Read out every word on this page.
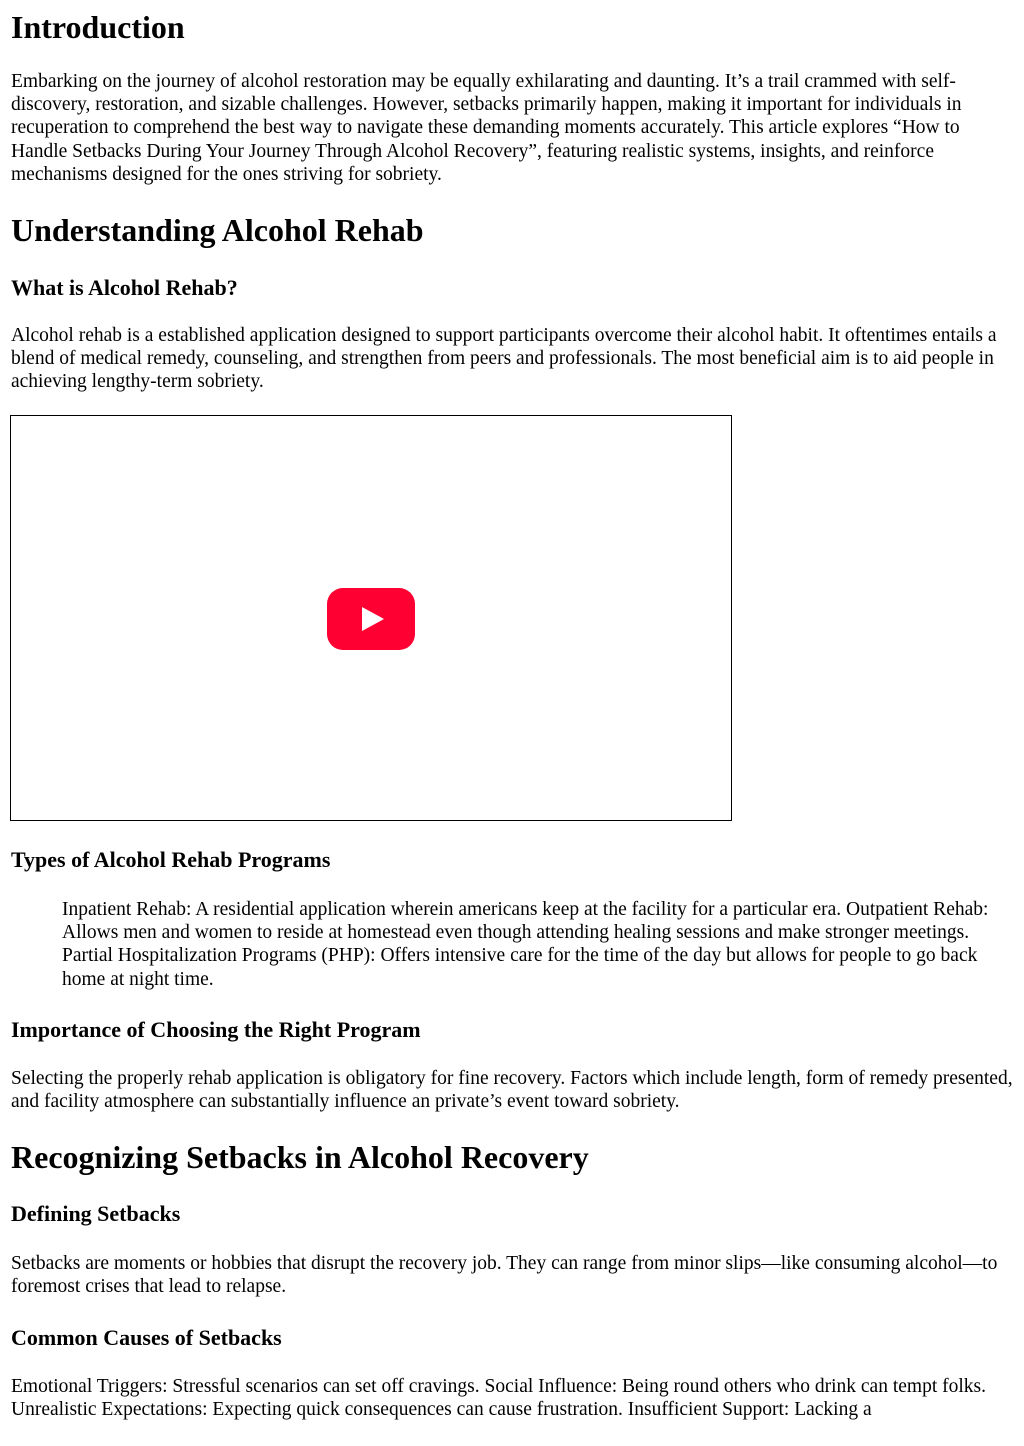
Introduction

Embarking on the journey of alcohol restoration may be equally exhilarating and daunting. It’s a trail crammed with self-discovery, restoration, and sizable challenges. However, setbacks primarily happen, making it important for individuals in recuperation to comprehend the best way to navigate these demanding moments accurately. This article explores “How to Handle Setbacks During Your Journey Through Alcohol Recovery”, featuring realistic systems, insights, and reinforce mechanisms designed for the ones striving for sobriety.

Understanding Alcohol Rehab
What is Alcohol Rehab?

Alcohol rehab is a established application designed to support participants overcome their alcohol habit. It oftentimes entails a blend of medical remedy, counseling, and strengthen from peers and professionals. The most beneficial aim is to aid people in achieving lengthy-term sobriety.

Types of Alcohol Rehab Programs

Inpatient Rehab: A residential application wherein americans keep at the facility for a particular era. Outpatient Rehab: Allows men and women to reside at homestead even though attending healing sessions and make stronger meetings. Partial Hospitalization Programs (PHP): Offers intensive care for the time of the day but allows for people to go back home at night time.

Importance of Choosing the Right Program

Selecting the properly rehab application is obligatory for fine recovery. Factors which include length, form of remedy presented, and facility atmosphere can substantially influence an private’s event toward sobriety.

Recognizing Setbacks in Alcohol Recovery
Defining Setbacks

Setbacks are moments or hobbies that disrupt the recovery job. They can range from minor slips—like consuming alcohol—to foremost crises that lead to relapse.

Common Causes of Setbacks

Emotional Triggers: Stressful scenarios can set off cravings. Social Influence: Being round others who drink can tempt folks. Unrealistic Expectations: Expecting quick consequences can cause frustration. Insufficient Support: Lacking a
